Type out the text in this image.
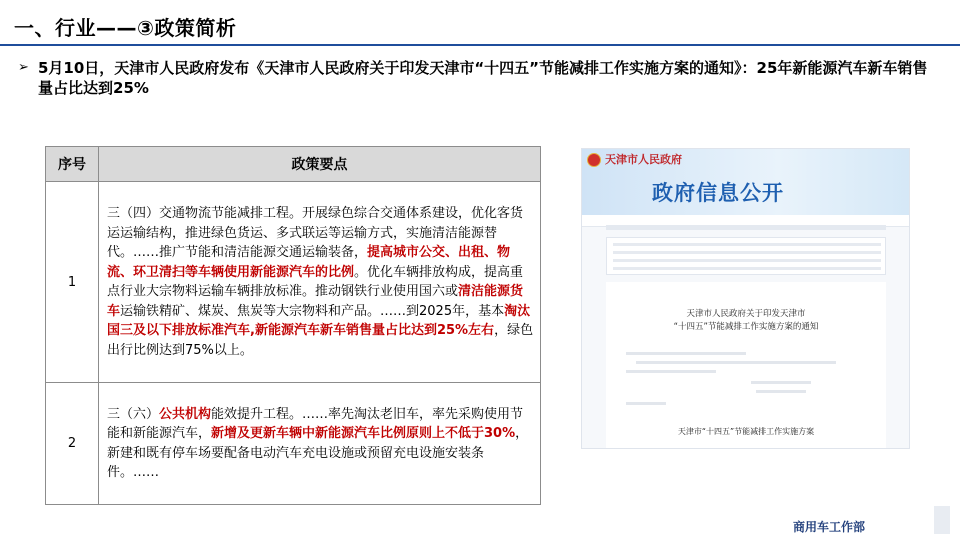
一、行业——③政策简析
➢ 5月10日，天津市人民政府发布《天津市人民政府关于印发天津市“十四五”节能减排工作实施方案的通知》：25年新能源汽车新车销售量占比达到25%
序号	政策要点
1	三（四）交通物流节能减排工程。开展绿色综合交通体系建设，优化客货运运输结构，推进绿色货运、多式联运等运输方式，实施清洁能源替代。……推广节能和清洁能源交通运输装备，提高城市公交、出租、物流、环卫清扫等车辆使用新能源汽车的比例。优化车辆排放构成，提高重点行业大宗物料运输车辆排放标准。推动钢铁行业使用国六或清洁能源货车运输铁精矿、煤炭、焦炭等大宗物料和产品。……到2025年，基本淘汰国三及以下排放标准汽车,新能源汽车新车销售量占比达到25%左右，绿色出行比例达到75%以上。
2	三（六）公共机构能效提升工程。……率先淘汰老旧车，率先采购使用节能和新能源汽车，新增及更新车辆中新能源汽车比例原则上不低于30%，新建和既有停车场要配备电动汽车充电设施或预留充电设施安装条件。……
天津市人民政府
政府信息公开
天津市人民政府关于印发天津市
“十四五”节能减排工作实施方案的通知
天津市“十四五”节能减排工作实施方案
商用车工作部
